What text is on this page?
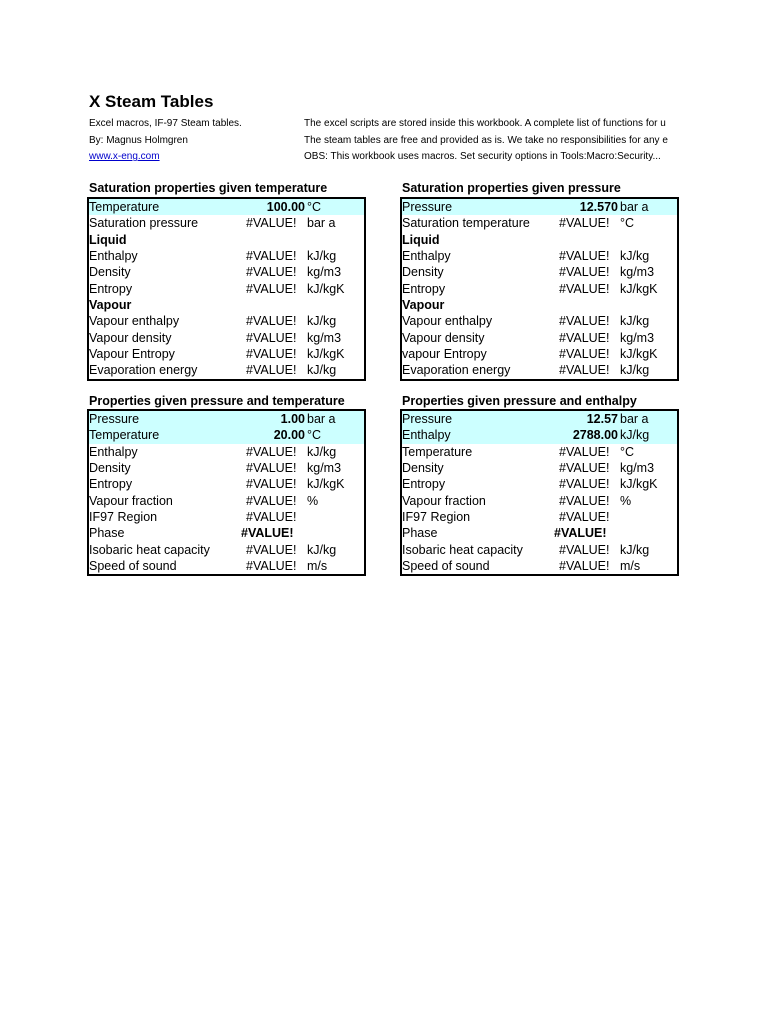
X Steam Tables
Excel macros, IF-97 Steam tables.
By: Magnus Holmgren
www.x-eng.com
The excel scripts are stored inside this workbook. A complete list of functions for u
The steam tables are free and provided as is. We take no responsibilities for any e
OBS: This workbook uses macros. Set security options in Tools:Macro:Security...
Saturation properties given temperature
Temperature	100.00 °C
Saturation pressure	#VALUE! bar a
Liquid
Enthalpy	#VALUE! kJ/kg
Density	#VALUE! kg/m3
Entropy	#VALUE! kJ/kgK
Vapour
Vapour enthalpy	#VALUE! kJ/kg
Vapour density	#VALUE! kg/m3
Vapour Entropy	#VALUE! kJ/kgK
Evaporation energy	#VALUE! kJ/kg
Saturation properties given pressure
Pressure	12.570 bar a
Saturation temperature #VALUE! °C
Liquid
Enthalpy	#VALUE! kJ/kg
Density	#VALUE! kg/m3
Entropy	#VALUE! kJ/kgK
Vapour
Vapour enthalpy	#VALUE! kJ/kg
Vapour density	#VALUE! kg/m3
vapour Entropy	#VALUE! kJ/kgK
Evaporation energy	#VALUE! kJ/kg
Properties given pressure and temperature
Pressure	1.00 bar a
Temperature	20.00 °C
Enthalpy	#VALUE! kJ/kg
Density	#VALUE! kg/m3
Entropy	#VALUE! kJ/kgK
Vapour fraction	#VALUE! %
IF97 Region	#VALUE!
Phase	#VALUE!
Isobaric heat capacity	#VALUE! kJ/kg
Speed of sound	#VALUE! m/s
Properties given pressure and enthalpy
Pressure	12.57 bar a
Enthalpy	2788.00 kJ/kg
Temperature	#VALUE! °C
Density	#VALUE! kg/m3
Entropy	#VALUE! kJ/kgK
Vapour fraction	#VALUE! %
IF97 Region	#VALUE!
Phase	#VALUE!
Isobaric heat capacity	#VALUE! kJ/kg
Speed of sound	#VALUE! m/s
